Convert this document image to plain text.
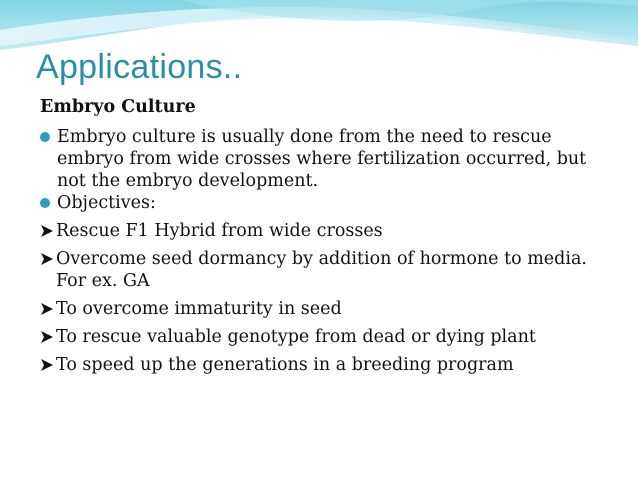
Applications..
Embryo Culture
Embryo culture is usually done from the need to rescue embryo from wide crosses where fertilization occurred, but not the embryo development.
Objectives:
Rescue F1 Hybrid from wide crosses
Overcome seed dormancy by addition of hormone to media. For ex. GA
To overcome immaturity in seed
To rescue valuable genotype from dead or dying plant
To speed up the generations in a breeding program
